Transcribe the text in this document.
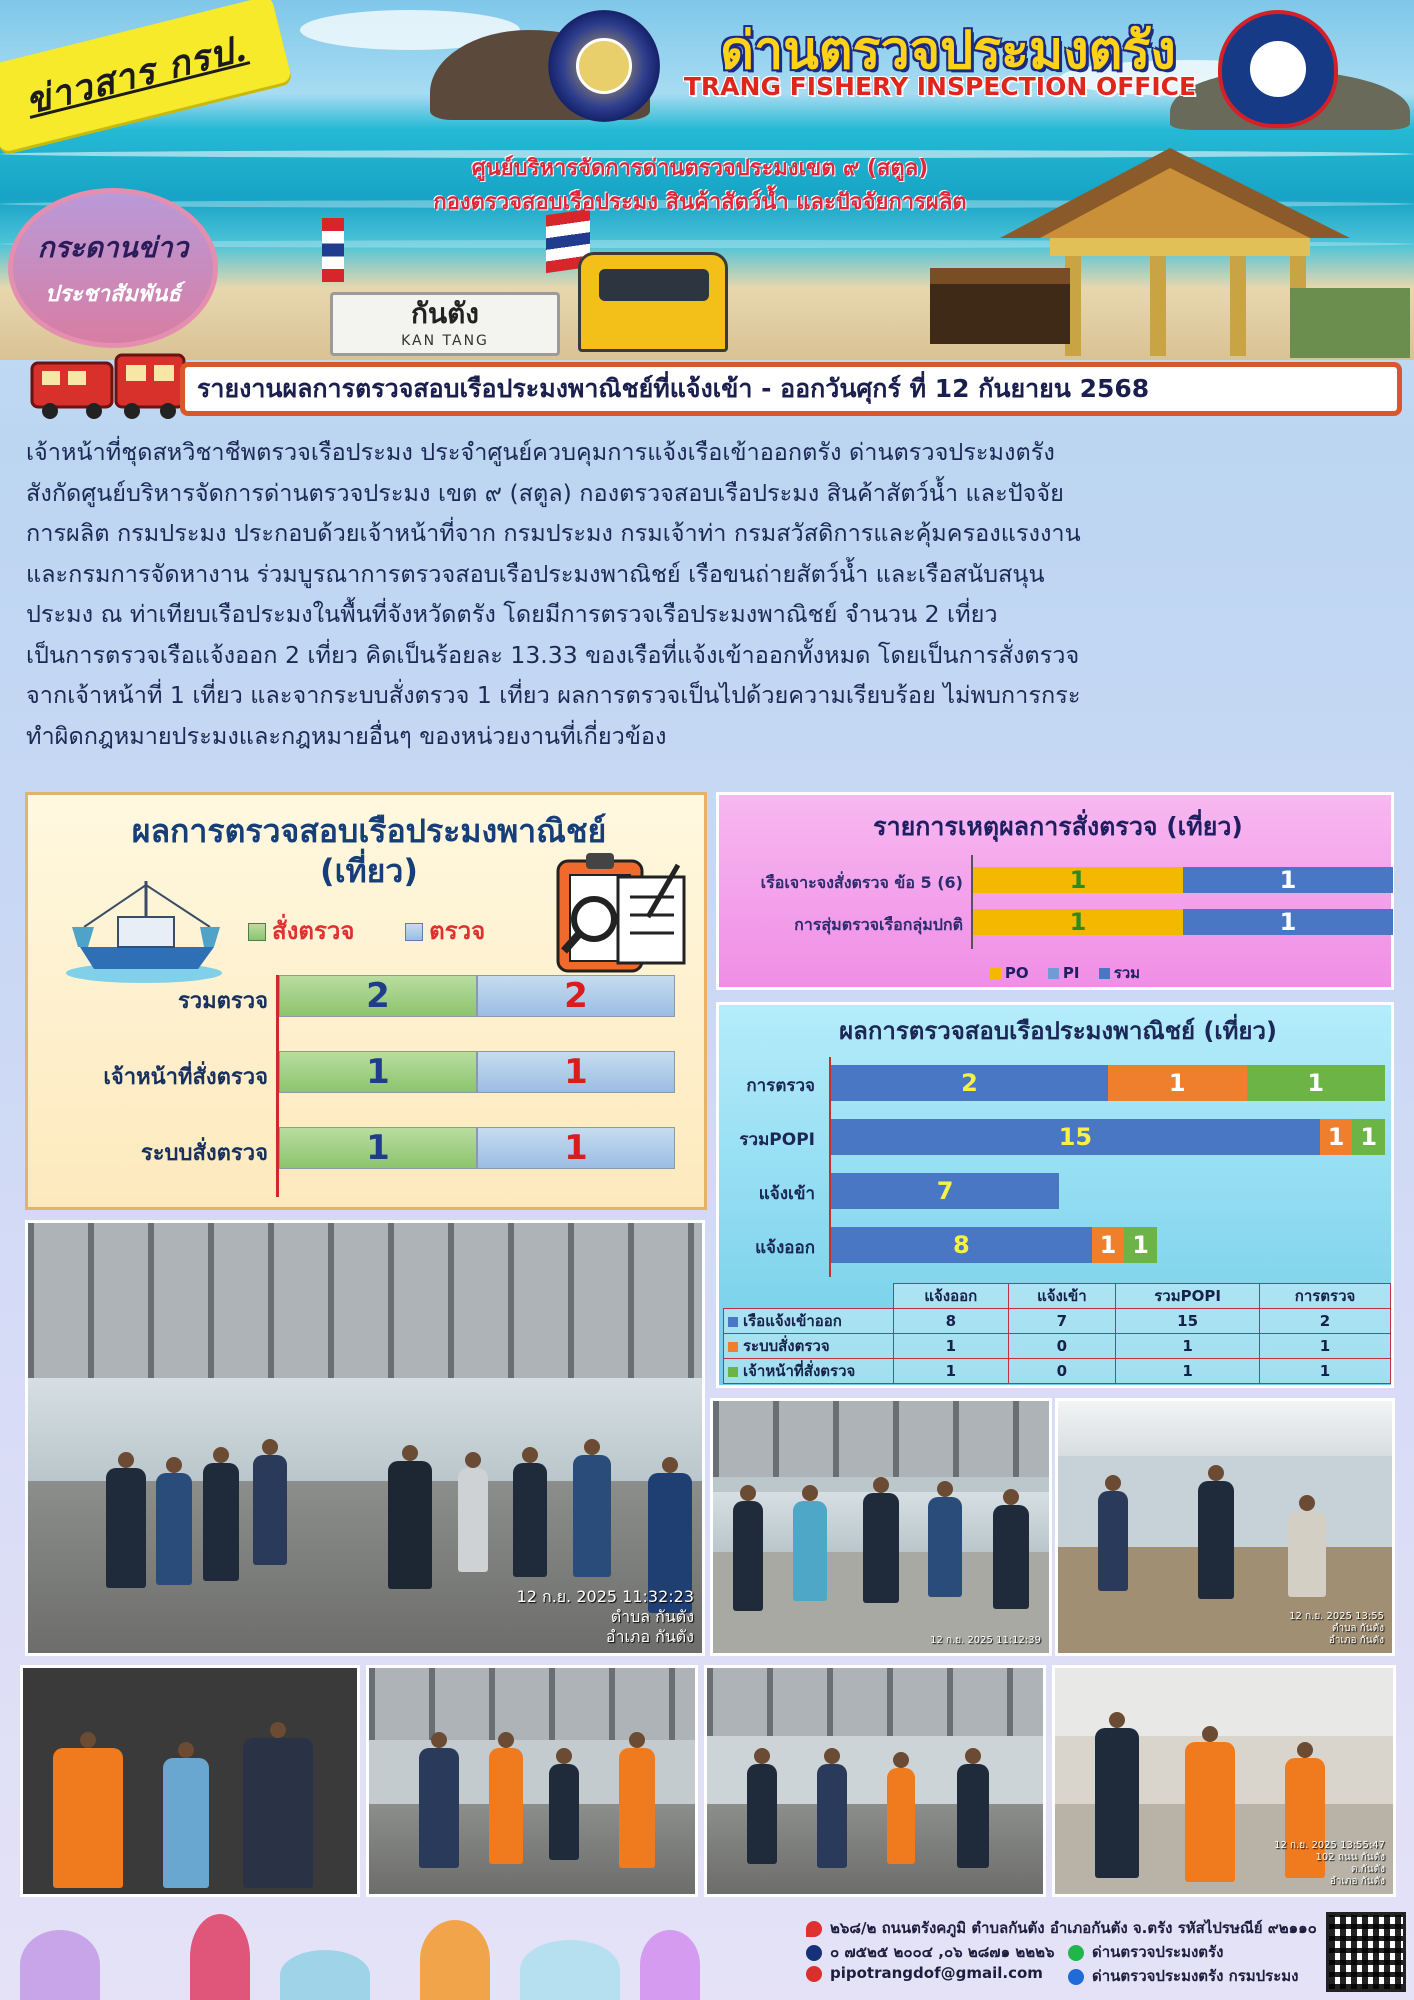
กันตัง
KAN TANG
ข่าวสาร กรป.	ด่านตรวจประมงตรัง
TRANG FISHERY INSPECTION OFFICE
ศูนย์บริหารจัดการด่านตรวจประมงเขต ๙ (สตูล)
กองตรวจสอบเรือประมง สินค้าสัตว์น้ำ และปัจจัยการผลิต
กระดานข่าว
ประชาสัมพันธ์
รายงานผลการตรวจสอบเรือประมงพาณิชย์ที่แจ้งเข้า - ออกวันศุกร์ ที่ 12 กันยายน 2568
เจ้าหน้าที่ชุดสหวิชาชีพตรวจเรือประมง ประจำศูนย์ควบคุมการแจ้งเรือเข้าออกตรัง ด่านตรวจประมงตรัง
สังกัดศูนย์บริหารจัดการด่านตรวจประมง เขต ๙ (สตูล) กองตรวจสอบเรือประมง สินค้าสัตว์น้ำ และปัจจัย
การผลิต กรมประมง ประกอบด้วยเจ้าหน้าที่จาก กรมประมง กรมเจ้าท่า กรมสวัสดิการและคุ้มครองแรงงาน
และกรมการจัดหางาน ร่วมบูรณาการตรวจสอบเรือประมงพาณิชย์ เรือขนถ่ายสัตว์น้ำ และเรือสนับสนุน
ประมง ณ ท่าเทียบเรือประมงในพื้นที่จังหวัดตรัง โดยมีการตรวจเรือประมงพาณิชย์ จำนวน 2 เที่ยว
เป็นการตรวจเรือแจ้งออก 2 เที่ยว คิดเป็นร้อยละ 13.33 ของเรือที่แจ้งเข้าออกทั้งหมด โดยเป็นการสั่งตรวจ
จากเจ้าหน้าที่ 1 เที่ยว และจากระบบสั่งตรวจ 1 เที่ยว ผลการตรวจเป็นไปด้วยความเรียบร้อย ไม่พบการกระ
ทำผิดกฎหมายประมงและกฎหมายอื่นๆ ของหน่วยงานที่เกี่ยวข้อง
ผลการตรวจสอบเรือประมงพาณิชย์
(เที่ยว)
สั่งตรวจ	ตรวจ
รวมตรวจ	2	2
เจ้าหน้าที่สั่งตรวจ	1	1
ระบบสั่งตรวจ	1	1
รายการเหตุผลการสั่งตรวจ (เที่ยว)
เรือเจาะจงสั่งตรวจ ข้อ 5 (6)	1	1
การสุ่มตรวจเรือกลุ่มปกติ	1	1
PO PI รวม
ผลการตรวจสอบเรือประมงพาณิชย์ (เที่ยว)
การตรวจ	2	1	1
รวมPOPI	15	1 1
แจ้งเข้า	7
แจ้งออก	8	1 1
	แจ้งออก	แจ้งเข้า	รวมPOPI	การตรวจ
เรือแจ้งเข้าออก	8	7	15	2
ระบบสั่งตรวจ	1	0	1	1
เจ้าหน้าที่สั่งตรวจ	1	0	1	1
12 ก.ย. 2025 11:32:23
ตำบล กันตัง
อำเภอ กันตัง	12 ก.ย. 2025 11:12:39
12 ก.ย. 2025 13:55
ตำบล กันตัง
อำเภอ กันตัง
12 ก.ย. 2025 13:55:47
102 ถนน กันตัง
ต.กันตัง
อำเภอ กันตัง
๒๖๘/๒ ถนนตรังคภูมิ ตำบลกันตัง อำเภอกันตัง จ.ตรัง รหัสไปรษณีย์ ๙๒๑๑๐
๐ ๗๕๒๕ ๒๐๐๔ ,๐๖ ๒๘๗๑ ๒๒๒๖	ด่านตรวจประมงตรัง
pipotrangdof@gmail.com	ด่านตรวจประมงตรัง กรมประมง
